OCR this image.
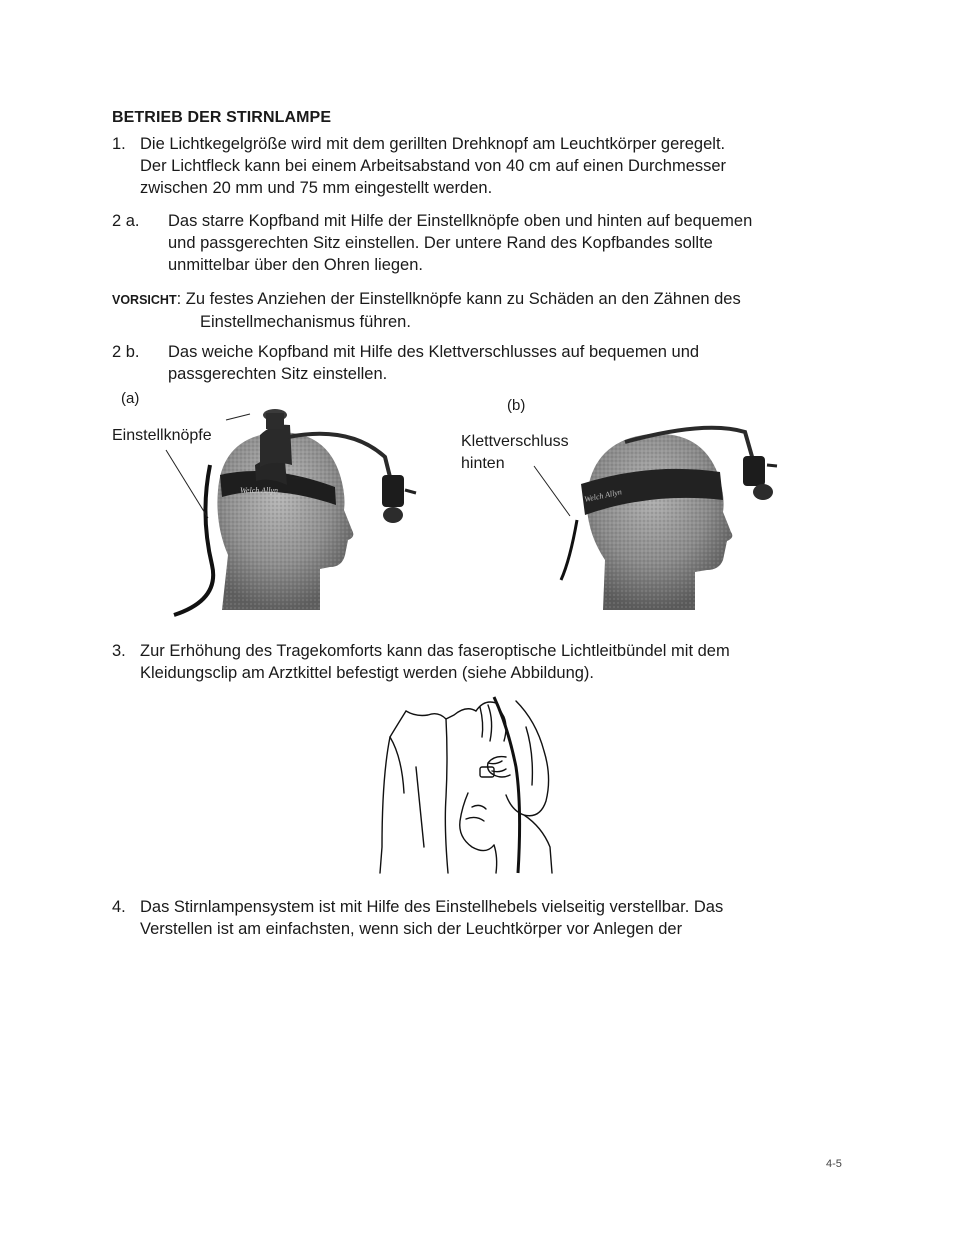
BETRIEB DER STIRNLAMPE
1. Die Lichtkegelgröße wird mit dem gerillten Drehknopf am Leuchtkörper geregelt.
Der Lichtfleck kann bei einem Arbeitsabstand von 40 cm auf einen Durchmesser
zwischen 20 mm und 75 mm eingestellt werden.
2 a. Das starre Kopfband mit Hilfe der Einstellknöpfe oben und hinten auf bequemen
und passgerechten Sitz einstellen. Der untere Rand des Kopfbandes sollte
unmittelbar über den Ohren liegen.
VORSICHT: Zu festes Anziehen der Einstellknöpfe kann zu Schäden an den Zähnen des
Einstellmechanismus führen.
2 b. Das weiche Kopfband mit Hilfe des Klettverschlusses auf bequemen und
passgerechten Sitz einstellen.
(a)
Einstellknöpfe
Welch Allyn
(b)
Klettverschluss
hinten
Welch Allyn
3. Zur Erhöhung des Tragekomforts kann das faseroptische Lichtleitbündel mit dem
Kleidungsclip am Arztkittel befestigt werden (siehe Abbildung).
4. Das Stirnlampensystem ist mit Hilfe des Einstellhebels vielseitig verstellbar. Das
Verstellen ist am einfachsten, wenn sich der Leuchtkörper vor Anlegen der
4-5
